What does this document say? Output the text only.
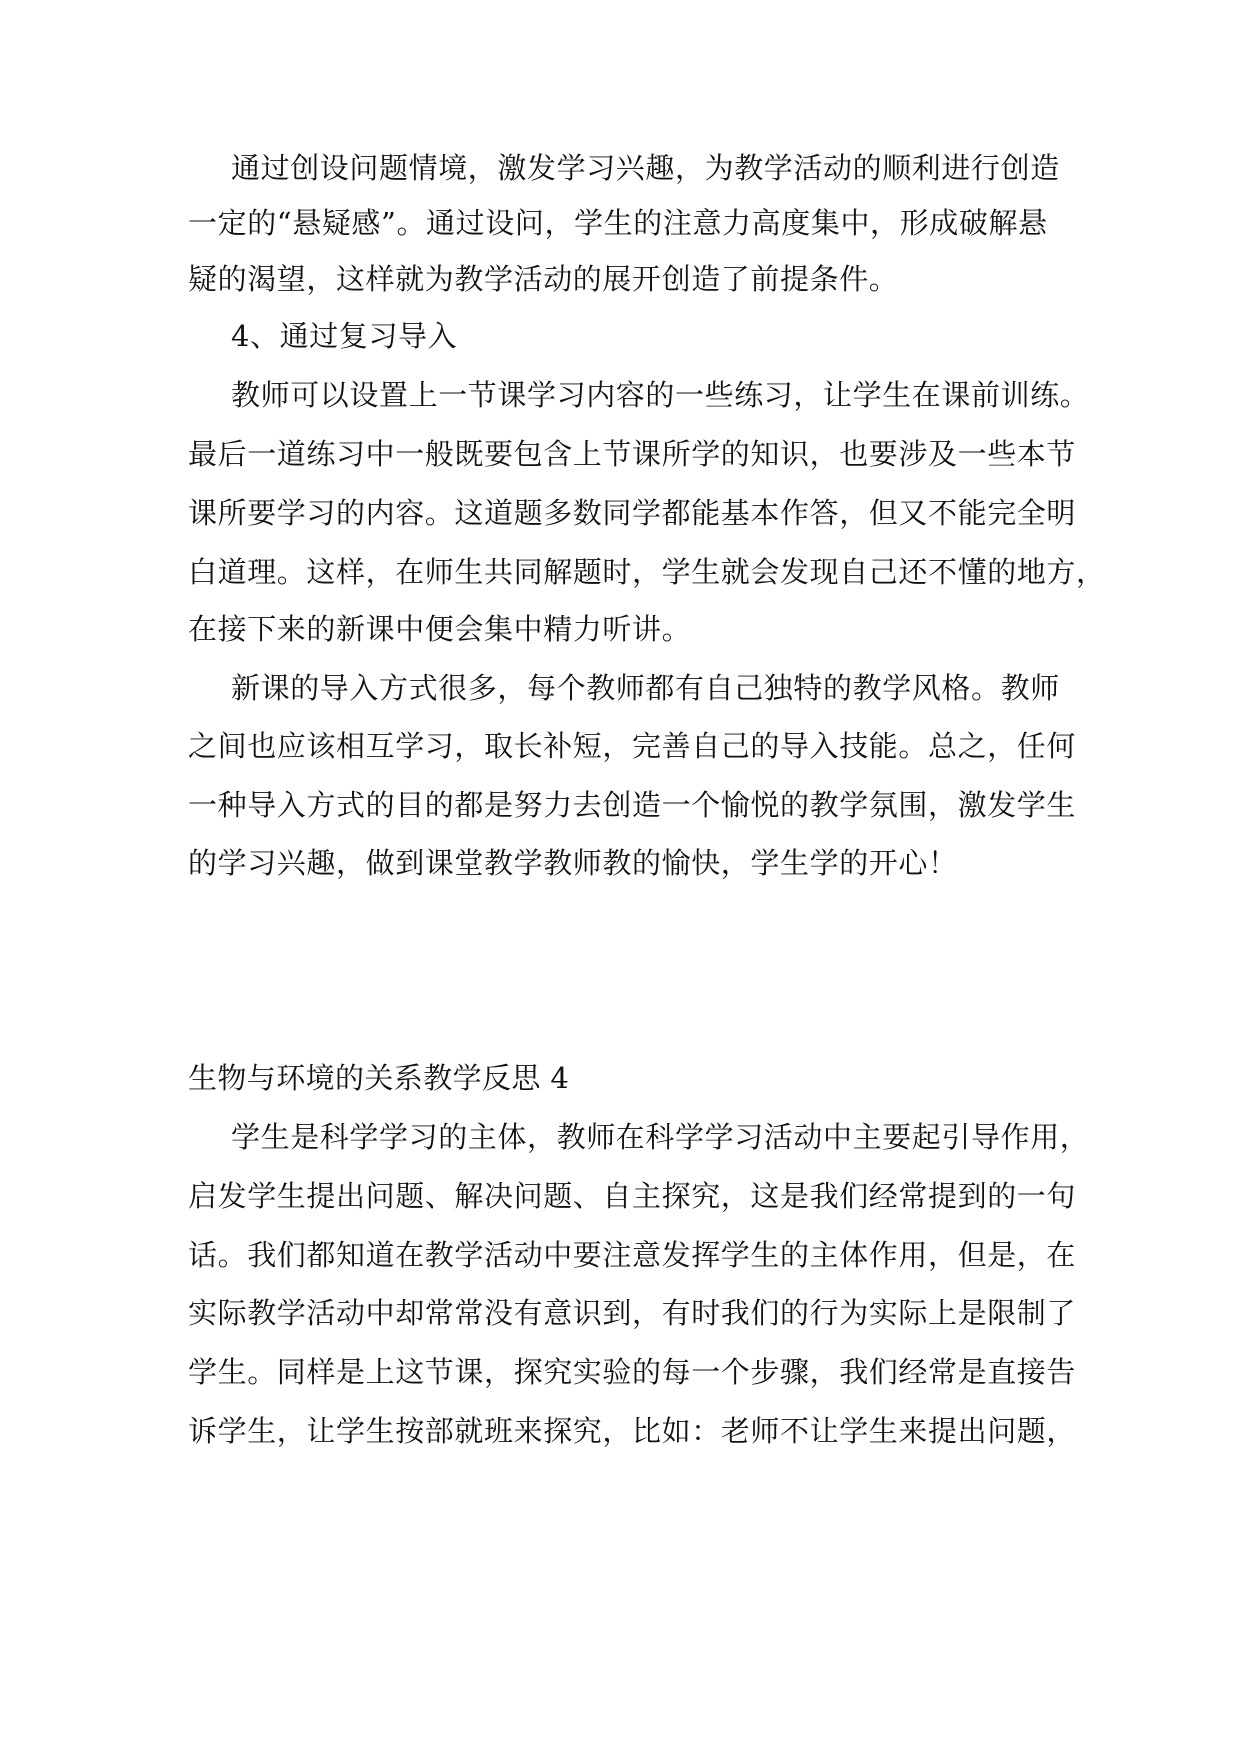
通过创设问题情境，激发学习兴趣，为教学活动的顺利进行创造
一定的“悬疑感”。通过设问，学生的注意力高度集中，形成破解悬
疑的渴望，这样就为教学活动的展开创造了前提条件。
4、通过复习导入
教师可以设置上一节课学习内容的一些练习，让学生在课前训练。
最后一道练习中一般既要包含上节课所学的知识，也要涉及一些本节
课所要学习的内容。这道题多数同学都能基本作答，但又不能完全明
白道理。这样，在师生共同解题时，学生就会发现自己还不懂的地方，
在接下来的新课中便会集中精力听讲。
新课的导入方式很多，每个教师都有自己独特的教学风格。教师
之间也应该相互学习，取长补短，完善自己的导入技能。总之，任何
一种导入方式的目的都是努力去创造一个愉悦的教学氛围，激发学生
的学习兴趣，做到课堂教学教师教的愉快，学生学的开心！
生物与环境的关系教学反思 4
学生是科学学习的主体，教师在科学学习活动中主要起引导作用，
启发学生提出问题、解决问题、自主探究，这是我们经常提到的一句
话。我们都知道在教学活动中要注意发挥学生的主体作用，但是，在
实际教学活动中却常常没有意识到，有时我们的行为实际上是限制了
学生。同样是上这节课，探究实验的每一个步骤，我们经常是直接告
诉学生，让学生按部就班来探究，比如：老师不让学生来提出问题，
